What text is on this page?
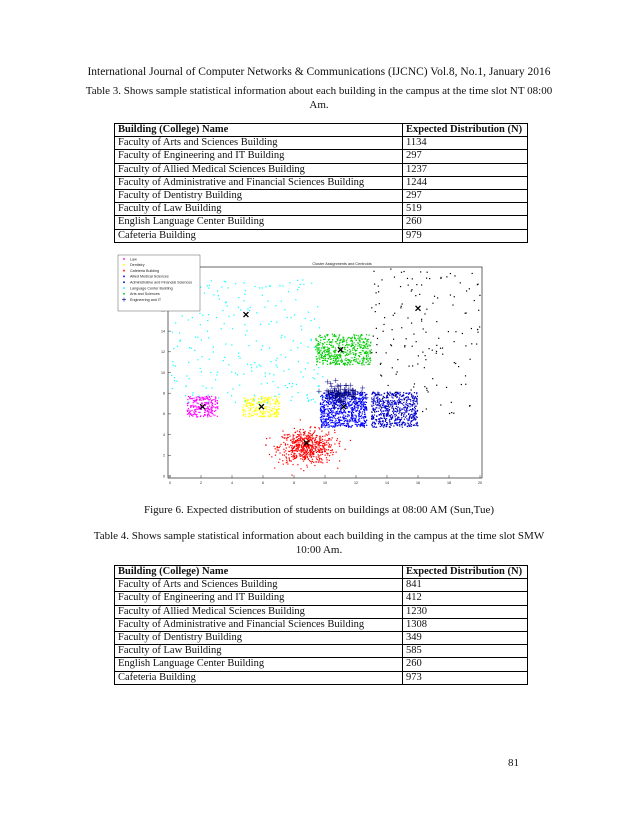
International Journal of Computer Networks & Communications (IJCNC) Vol.8, No.1, January 2016
Table 3. Shows sample statistical information about each building in the campus at the time slot NT 08:00
Am.
Building (College) Name	Expected Distribution (N)
Faculty of Arts and Sciences Building	1134
Faculty of Engineering and IT Building	297
Faculty of Allied Medical Sciences Building	1237
Faculty of Administrative and Financial Sciences Building	1244
Faculty of Dentistry Building	297
Faculty of Law Building	519
English Language Center Building	260
Cafeteria Building	979
0	2	4	6	8	10	12	14	16	18	20
0
2
4
6
8
10
12
14
Cluster Assignments and Centroids
Law
Dentistry
Cafeteria Building
Allied Medical Sciences
Administrative and Financial Sciences
Language Center Building
Arts and Sciences
Engineering and IT
Figure 6. Expected distribution of students on buildings at 08:00 AM (Sun,Tue)
Table 4. Shows sample statistical information about each building in the campus at the time slot SMW
10:00 Am.
Building (College) Name	Expected Distribution (N)
Faculty of Arts and Sciences Building	841
Faculty of Engineering and IT Building	412
Faculty of Allied Medical Sciences Building	1230
Faculty of Administrative and Financial Sciences Building	1308
Faculty of Dentistry Building	349
Faculty of Law Building	585
English Language Center Building	260
Cafeteria Building	973
81
